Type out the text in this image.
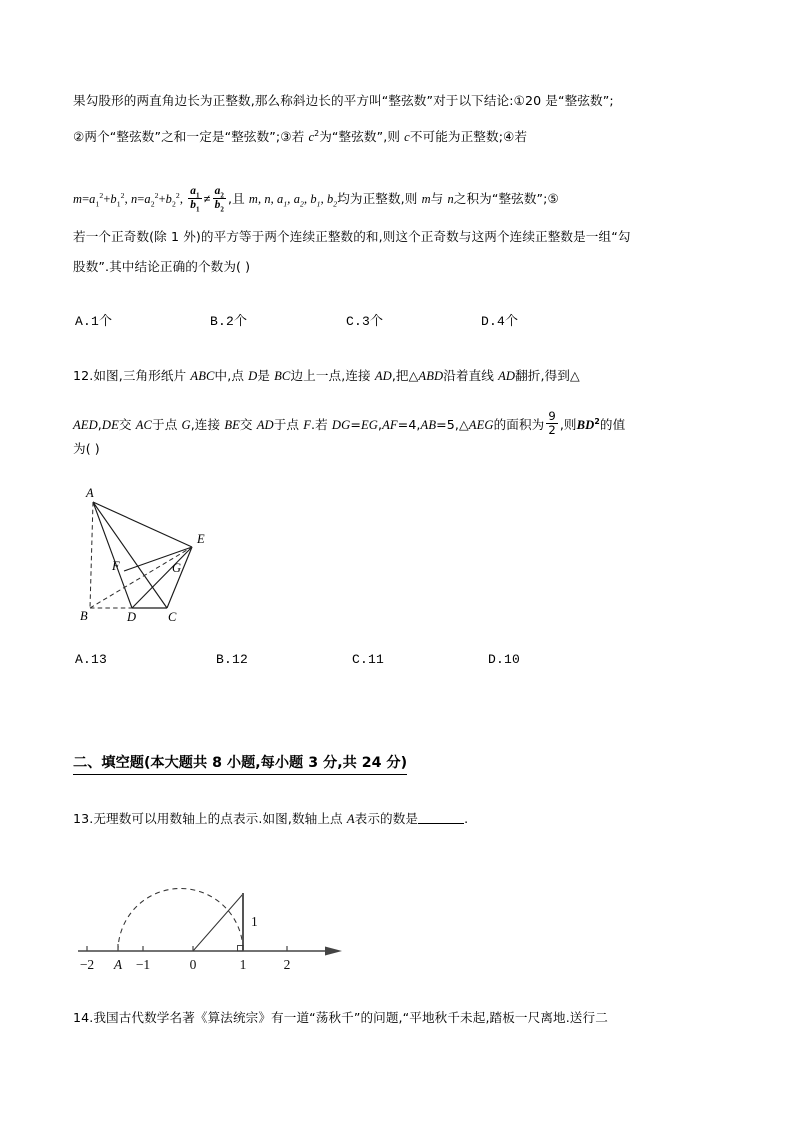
果勾股形的两直角边长为正整数,那么称斜边长的平方叫“整弦数”对于以下结论:①20 是“整弦数”;
②两个“整弦数”之和一定是“整弦数”;③若 $c^2$为“整弦数”,则 c不可能为正整数;④若
$m=a_1^2+b_1^2$, $n=a_2^2+b_2^2$, $\frac{a_1}{b_1} \ne \frac{a_2}{b_2}$ ,且 m, n, $a_1$, $a_2$, $b_1$, $b_2$均为正整数,则 m与 n之积为“整弦数”;⑤
若一个正奇数(除 1 外)的平方等于两个连续正整数的和,则这个正奇数与这两个连续正整数是一组“勾
股数”.其中结论正确的个数为( )
A.1个	B.2个	C.3个	D.4个
12.如图,三角形纸片 ABC中,点 D是 BC边上一点,连接 AD,把△ABD沿着直线 AD翻折,得到△
AED,DE交 AC于点 G,连接 BE交 AD于点 F.若 DG=EG,AF=4,AB=5,△AEG的面积为 $\frac{9}{2}$ ,则$BD^2$的值
为( )
A
B	D	C
E
F	G
A.13	B.12	C.11	D.10
二、填空题(本大题共 8 小题,每小题 3 分,共 24 分)
13.无理数可以用数轴上的点表示.如图,数轴上点 A表示的数是	.
−2 A −1	0	1	2
1
14.我国古代数学名著《算法统宗》有一道“荡秋千”的问题,“平地秋千未起,踏板一尺离地.送行二
